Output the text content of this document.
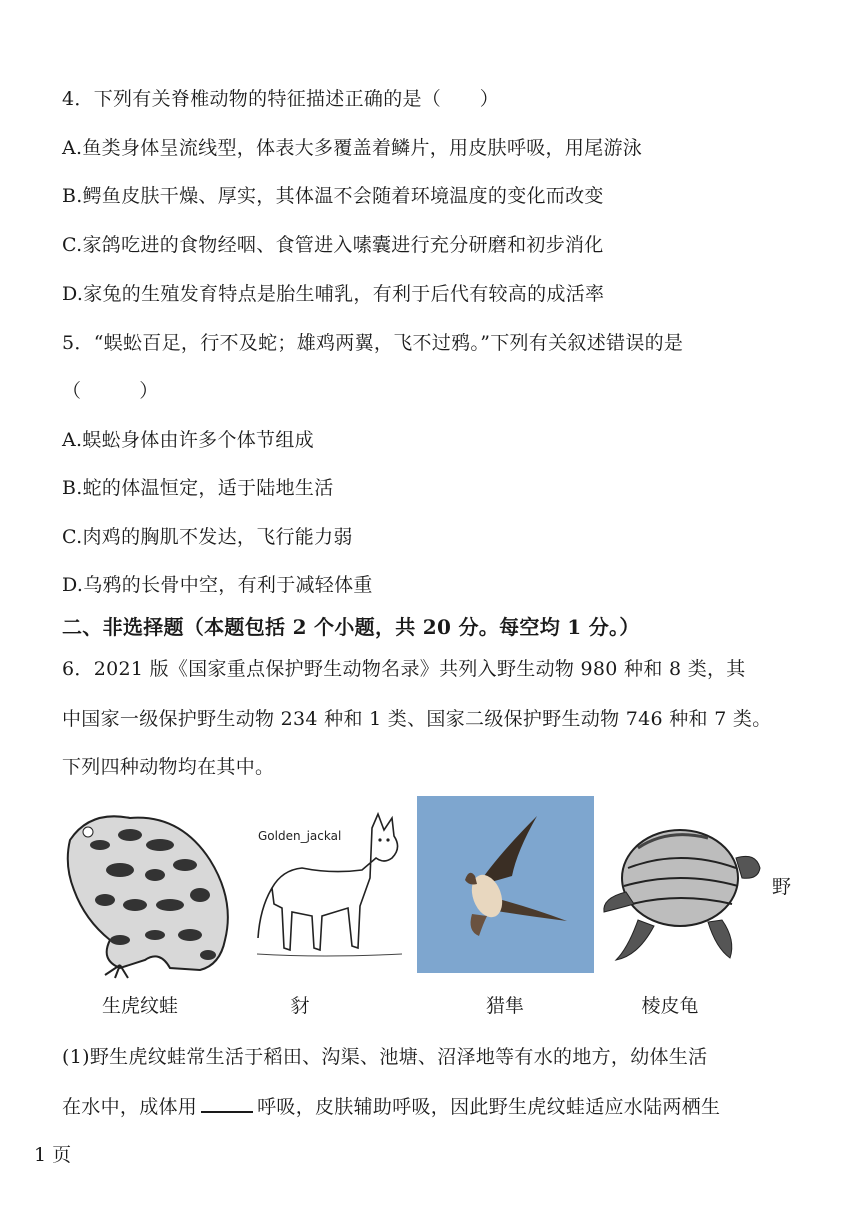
4．下列有关脊椎动物的特征描述正确的是（　　）
A.鱼类身体呈流线型，体表大多覆盖着鳞片，用皮肤呼吸，用尾游泳
B.鳄鱼皮肤干燥、厚实，其体温不会随着环境温度的变化而改变
C.家鸽吃进的食物经咽、食管进入嗉囊进行充分研磨和初步消化
D.家兔的生殖发育特点是胎生哺乳，有利于后代有较高的成活率
5．“蜈蚣百足，行不及蛇；雄鸡两翼，飞不过鸦。”下列有关叙述错误的是
（　　　）
A.蜈蚣身体由许多个体节组成
B.蛇的体温恒定，适于陆地生活
C.肉鸡的胸肌不发达，飞行能力弱
D.乌鸦的长骨中空，有利于减轻体重
二、非选择题（本题包括 2 个小题，共 20 分。每空均 1 分。）
6．2021 版《国家重点保护野生动物名录》共列入野生动物 980 种和 8 类，其
中国家一级保护野生动物 234 种和 1 类、国家二级保护野生动物 746 种和 7 类。
下列四种动物均在其中。
Golden_jackal
野
生虎纹蛙	豺	猎隼	棱皮龟
(1)野生虎纹蛙常生活于稻田、沟渠、池塘、沼泽地等有水的地方，幼体生活
在水中，成体用	呼吸，皮肤辅助呼吸，因此野生虎纹蛙适应水陆两栖生
1 页
